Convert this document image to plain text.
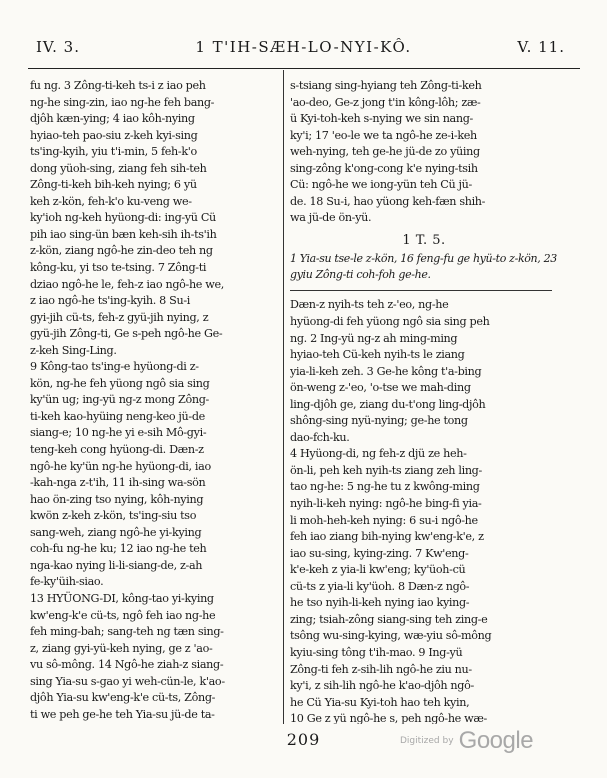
IV. 3.	1 T'IH-SÆH-LO-NYI-KÔ.	V. 11.
fu ng. 3 Zông-ti-keh ts-i z iao peh
ng-he sing-zin, iao ng-he feh bang-
djôh kæn-ying; 4 iao kôh-nying
hyiao-teh pao-siu z-keh kyi-sing
ts'ing-kyih, yiu t'i-min, 5 feh-k'o
dong yüoh-sing, ziang feh sih-teh
Zông-ti-keh bih-keh nying; 6 yü
keh z-kön, feh-k'o ku-veng we-
ky'ioh ng-keh hyüong-di: ing-yü Cü
pih iao sing-ün bæn keh-sih ih-ts'ih
z-kön, ziang ngô-he zin-deo teh ng
kông-ku, yi tso te-tsing. 7 Zông-ti
dziao ngô-he le, feh-z iao ngô-he we,
z iao ngô-he ts'ing-kyih. 8 Su-i
gyi-jih cü-ts, feh-z gyü-jih nying, z
gyü-jih Zông-ti, Ge s-peh ngô-he Ge-
z-keh Sing-Ling.
9 Kông-tao ts'ing-e hyüong-di z-
kön, ng-he feh yüong ngô sia sing
ky'ün ug; ing-yü ng-z mong Zông-
ti-keh kao-hyüing neng-keo jü-de
siang-e; 10 ng-he yi e-sih Mô-gyi-
teng-keh cong hyüong-di. Dæn-z
ngô-he ky'ün ng-he hyüong-di, iao
-kah-nga z-t'ih, 11 ih-sing wa-sön
hao ön-zing tso nying, kôh-nying
kwön z-keh z-kön, ts'ing-siu tso
sang-weh, ziang ngô-he yi-kying
coh-fu ng-he ku; 12 iao ng-he teh
nga-kao nying li-li-siang-de, z-ah
fe-ky'üih-siao.
13 HYÜONG-DI, kông-tao yi-kying
kw'eng-k'e cü-ts, ngô feh iao ng-he
feh ming-bah; sang-teh ng tæn sing-
z, ziang gyi-yü-keh nying, ge z 'ao-
vu sô-mông. 14 Ngô-he ziah-z siang-
sing Yia-su s-gao yi weh-cün-le, k'ao-
djôh Yia-su kw'eng-k'e cü-ts, Zông-
ti we peh ge-he teh Yia-su jü-de ta-
s-tsiang sing-hyiang teh Zông-ti-keh
'ao-deo, Ge-z jong t'in kông-lôh; zæ-
ü Kyi-toh-keh s-nying we sin nang-
ky'i; 17 'eo-le we ta ngô-he ze-i-keh
weh-nying, teh ge-he jü-de zo yüing
sing-zông k'ong-cong k'e nying-tsih
Cü: ngô-he we iong-yün teh Cü jü-
de. 18 Su-i, hao yüong keh-fæn shih-
wa jü-de ön-yü.
1 T. 5.
1 Yia-su tse-le z-kön, 16 feng-fu ge hyü-to z-kön, 23 gyiu Zông-ti coh-foh ge-he.
Dæn-z nyih-ts teh z-'eo, ng-he
hyüong-di feh yüong ngô sia sing peh
ng. 2 Ing-yü ng-z ah ming-ming
hyiao-teh Cü-keh nyih-ts le ziang
yia-li-keh zeh. 3 Ge-he kông t'a-bing
ön-weng z-'eo, 'o-tse we mah-ding
ling-djôh ge, ziang du-t'ong ling-djôh
shông-sing nyü-nying; ge-he tong
dao-fch-ku.
4 Hyüong-di, ng feh-z djü ze heh-
ön-li, peh keh nyih-ts ziang zeh ling-
tao ng-he: 5 ng-he tu z kwông-ming
nyih-li-keh nying: ngô-he bing-fi yia-
li moh-heh-keh nying: 6 su-i ngô-he
feh iao ziang bih-nying kw'eng-k'e, z
iao su-sing, kying-zing. 7 Kw'eng-
k'e-keh z yia-li kw'eng; ky'üoh-cü
cü-ts z yia-li ky'üoh. 8 Dæn-z ngô-
he tso nyih-li-keh nying iao kying-
zing; tsiah-zông siang-sing teh zing-e
tsông wu-sing-kying, wæ-yiu sô-mông
kyiu-sing tông t'ih-mao. 9 Ing-yü
Zông-ti feh z-sih-lih ngô-he ziu nu-
ky'i, z sih-lih ngô-he k'ao-djôh ngô-
he Cü Yia-su Kyi-toh hao teh kyin,
10 Ge z yü ngô-he s, peh ngô-he wæ-
209	Digitized by Google
